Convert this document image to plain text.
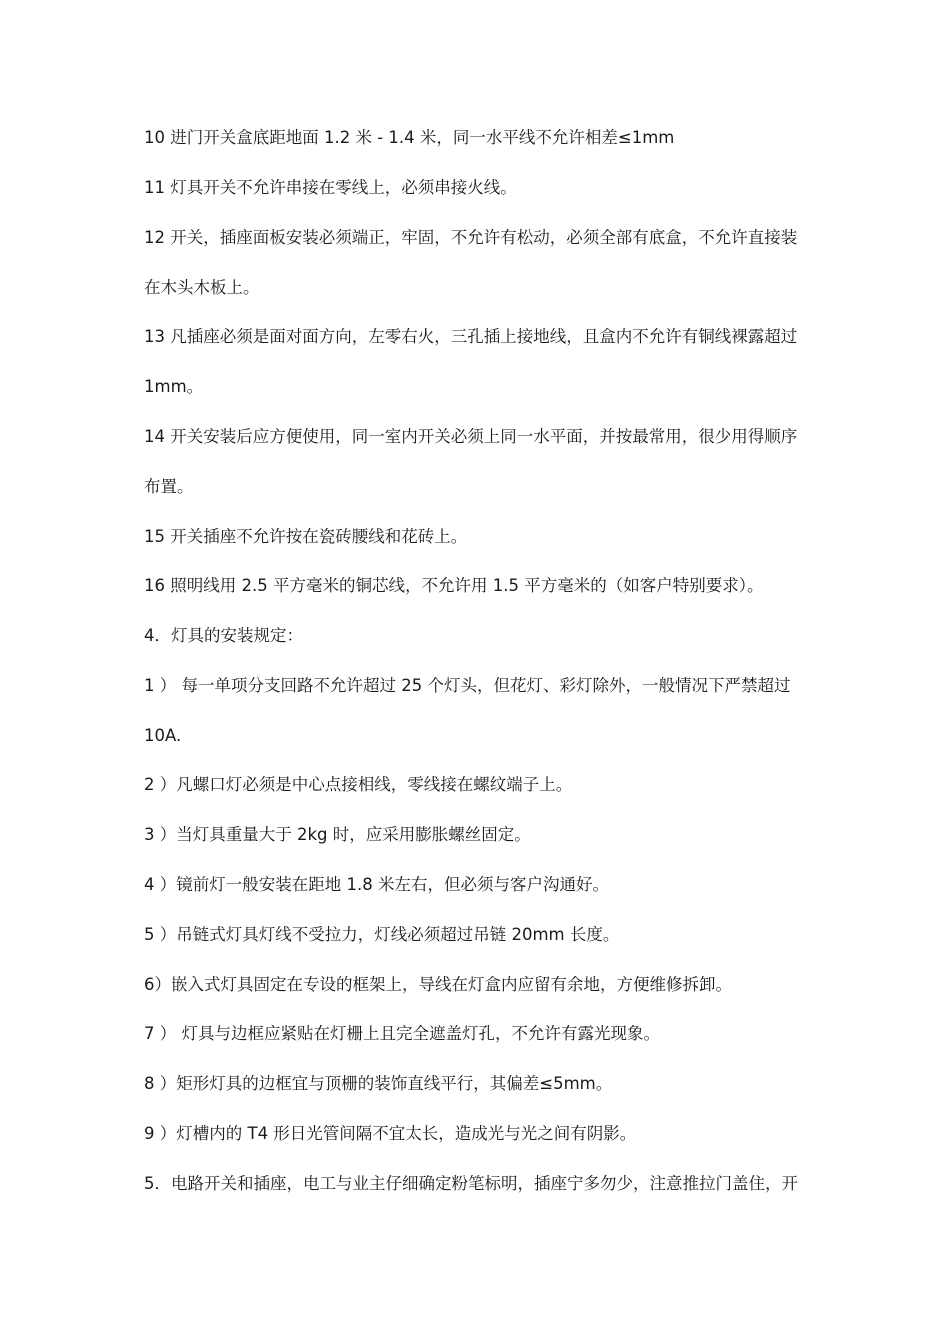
10 进门开关盒底距地面 1.2 米 - 1.4 米，同一水平线不允许相差≤1mm
11 灯具开关不允许串接在零线上，必须串接火线。
12 开关，插座面板安装必须端正，牢固，不允许有松动，必须全部有底盒，不允许直接装
在木头木板上。
13 凡插座必须是面对面方向，左零右火，三孔插上接地线，且盒内不允许有铜线裸露超过
1mm。
14 开关安装后应方便使用，同一室内开关必须上同一水平面，并按最常用，很少用得顺序
布置。
15 开关插座不允许按在瓷砖腰线和花砖上。
16 照明线用 2.5 平方毫米的铜芯线，不允许用 1.5 平方毫米的（如客户特别要求）。
4．灯具的安装规定：
1 ） 每一单项分支回路不允许超过 25 个灯头，但花灯、彩灯除外，一般情况下严禁超过
10A.
2 ）凡螺口灯必须是中心点接相线，零线接在螺纹端子上。
3 ）当灯具重量大于 2kg 时，应采用膨胀螺丝固定。
4 ）镜前灯一般安装在距地 1.8 米左右，但必须与客户沟通好。
5 ）吊链式灯具灯线不受拉力，灯线必须超过吊链 20mm 长度。
6）嵌入式灯具固定在专设的框架上，导线在灯盒内应留有余地，方便维修拆卸。
7 ） 灯具与边框应紧贴在灯栅上且完全遮盖灯孔，不允许有露光现象。
8 ）矩形灯具的边框宜与顶栅的装饰直线平行，其偏差≤5mm。
9 ）灯槽内的 T4 形日光管间隔不宜太长，造成光与光之间有阴影。
5．电路开关和插座，电工与业主仔细确定粉笔标明，插座宁多勿少，注意推拉门盖住，开
